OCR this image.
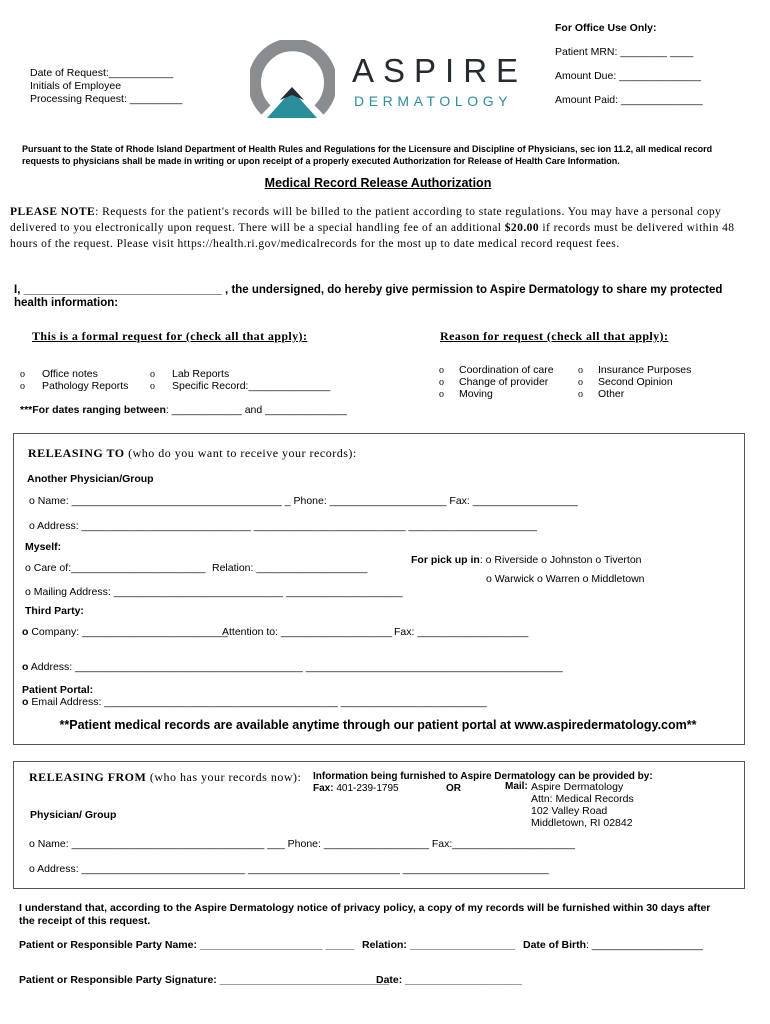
For Office Use Only:
Patient MRN: ________ ____
Amount Due: ______________
Amount Paid: ______________
Date of Request:___________
Initials of Employee
Processing Request: _________
ASPIRE
DERMATOLOGY
Pursuant to the State of Rhode Island Department of Health Rules and Regulations for the Licensure and Discipline of Physicians, sec ion 11.2, all medical record requests to physicians shall be made in writing or upon receipt of a properly executed Authorization for Release of Health Care Information.
Medical Record Release Authorization
PLEASE NOTE: Requests for the patient's records will be billed to the patient according to state regulations. You may have a personal copy
delivered to you electronically upon request. There will be a special handling fee of an additional $20.00 if records must be delivered within 48
hours of the request. Please visit https://health.ri.gov/medicalrecords for the most up to date medical record request fees.
I, _______________________________ , the undersigned, do hereby give permission to Aspire Dermatology to share my protected
health information:
This is a formal request for (check all that apply):
o
o
Office notes
Pathology Reports
o
o
Lab Reports
Specific Record:______________
Reason for request (check all that apply):
o
o
o
Coordination of care
Change of provider
Moving
o
o
o
Insurance Purposes
Second Opinion
Other
***For dates ranging between: ____________ and ______________
RELEASING TO (who do you want to receive your records):
Another Physician/Group
o Name: ____________________________________ _ Phone: ____________________ Fax: __________________
o Address: _____________________________ __________________________ ______________________
Myself:
o Care of:_______________________ Relation: ___________________
For pick up in: o Riverside o Johnston o Tiverton
o Warwick o Warren o Middletown
o Mailing Address: _____________________________ ____________________
Third Party:
o Company: _________________________
Attention to: ___________________ Fax: ___________________
o Address: _______________________________________ ____________________________________________
Patient Portal:
o Email Address: ________________________________________ _________________________
**Patient medical records are available anytime through our patient portal at www.aspiredermatology.com**
RELEASING FROM (who has your records now): Information being furnished to Aspire Dermatology can be provided by:
Fax: 401-239-1795	OR	Mail: Aspire Dermatology
Attn: Medical Records
102 Valley Road
Middletown, RI 02842
Physician/ Group
o Name: _________________________________ ___ Phone: __________________ Fax:_____________________
o Address: ____________________________ __________________________ _________________________
I understand that, according to the Aspire Dermatology notice of privacy policy, a copy of my records will be furnished within 30 days after the receipt of this request.
Patient or Responsible Party Name: _____________________ _____ Relation: __________________ Date of Birth: ___________________
Patient or Responsible Party Signature: _____________________________
Date: ____________________
